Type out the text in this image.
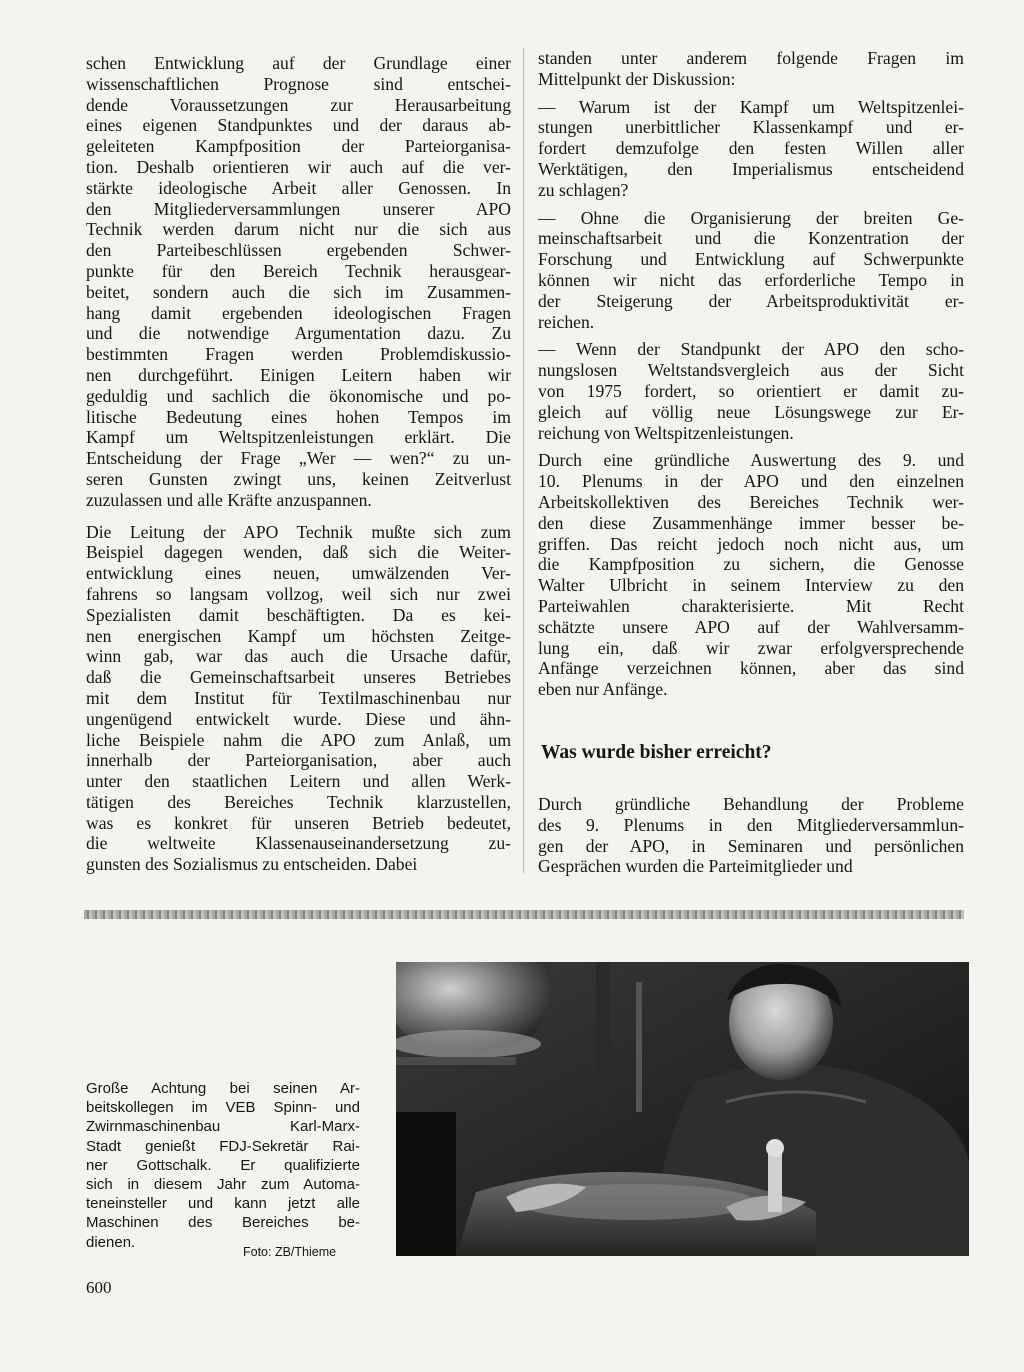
schen Entwicklung auf der Grundlage einer
wissenschaftlichen Prognose sind entschei-
dende Voraussetzungen zur Herausarbeitung
eines eigenen Standpunktes und der daraus ab-
geleiteten Kampfposition der Parteiorganisa-
tion. Deshalb orientieren wir auch auf die ver-
stärkte ideologische Arbeit aller Genossen. In
den Mitgliederversammlungen unserer APO
Technik werden darum nicht nur die sich aus
den Parteibeschlüssen ergebenden Schwer-
punkte für den Bereich Technik herausgear-
beitet, sondern auch die sich im Zusammen-
hang damit ergebenden ideologischen Fragen
und die notwendige Argumentation dazu. Zu
bestimmten Fragen werden Problemdiskussio-
nen durchgeführt. Einigen Leitern haben wir
geduldig und sachlich die ökonomische und po-
litische Bedeutung eines hohen Tempos im
Kampf um Weltspitzenleistungen erklärt. Die
Entscheidung der Frage „Wer — wen?“ zu un-
seren Gunsten zwingt uns, keinen Zeitverlust
zuzulassen und alle Kräfte anzuspannen.

Die Leitung der APO Technik mußte sich zum
Beispiel dagegen wenden, daß sich die Weiter-
entwicklung eines neuen, umwälzenden Ver-
fahrens so langsam vollzog, weil sich nur zwei
Spezialisten damit beschäftigten. Da es kei-
nen energischen Kampf um höchsten Zeitge-
winn gab, war das auch die Ursache dafür,
daß die Gemeinschaftsarbeit unseres Betriebes
mit dem Institut für Textilmaschinenbau nur
ungenügend entwickelt wurde. Diese und ähn-
liche Beispiele nahm die APO zum Anlaß, um
innerhalb der Parteiorganisation, aber auch
unter den staatlichen Leitern und allen Werk-
tätigen des Bereiches Technik klarzustellen,
was es konkret für unseren Betrieb bedeutet,
die weltweite Klassenauseinandersetzung zu-
gunsten des Sozialismus zu entscheiden. Dabei

standen unter anderem folgende Fragen im
Mittelpunkt der Diskussion:

— Warum ist der Kampf um Weltspitzenlei-
stungen unerbittlicher Klassenkampf und er-
fordert demzufolge den festen Willen aller
Werktätigen, den Imperialismus entscheidend
zu schlagen?

— Ohne die Organisierung der breiten Ge-
meinschaftsarbeit und die Konzentration der
Forschung und Entwicklung auf Schwerpunkte
können wir nicht das erforderliche Tempo in
der Steigerung der Arbeitsproduktivität er-
reichen.

— Wenn der Standpunkt der APO den scho-
nungslosen Weltstandsvergleich aus der Sicht
von 1975 fordert, so orientiert er damit zu-
gleich auf völlig neue Lösungswege zur Er-
reichung von Weltspitzenleistungen.

Durch eine gründliche Auswertung des 9. und
10. Plenums in der APO und den einzelnen
Arbeitskollektiven des Bereiches Technik wer-
den diese Zusammenhänge immer besser be-
griffen. Das reicht jedoch noch nicht aus, um
die Kampfposition zu sichern, die Genosse
Walter Ulbricht in seinem Interview zu den
Parteiwahlen charakterisierte. Mit Recht
schätzte unsere APO auf der Wahlversamm-
lung ein, daß wir zwar erfolgversprechende
Anfänge verzeichnen können, aber das sind
eben nur Anfänge.

Durch gründliche Behandlung der Probleme
des 9. Plenums in den Mitgliederversammlun-
gen der APO, in Seminaren und persönlichen
Gesprächen wurden die Parteimitglieder und

Was wurde bisher erreicht?
Große Achtung bei seinen Ar-
beitskollegen im VEB Spinn- und
Zwirnmaschinenbau Karl-Marx-
Stadt genießt FDJ-Sekretär Rai-
ner Gottschalk. Er qualifizierte
sich in diesem Jahr zum Automa-
teneinsteller und kann jetzt alle
Maschinen des Bereiches be-
dienen.
Foto: ZB/Thieme
600
